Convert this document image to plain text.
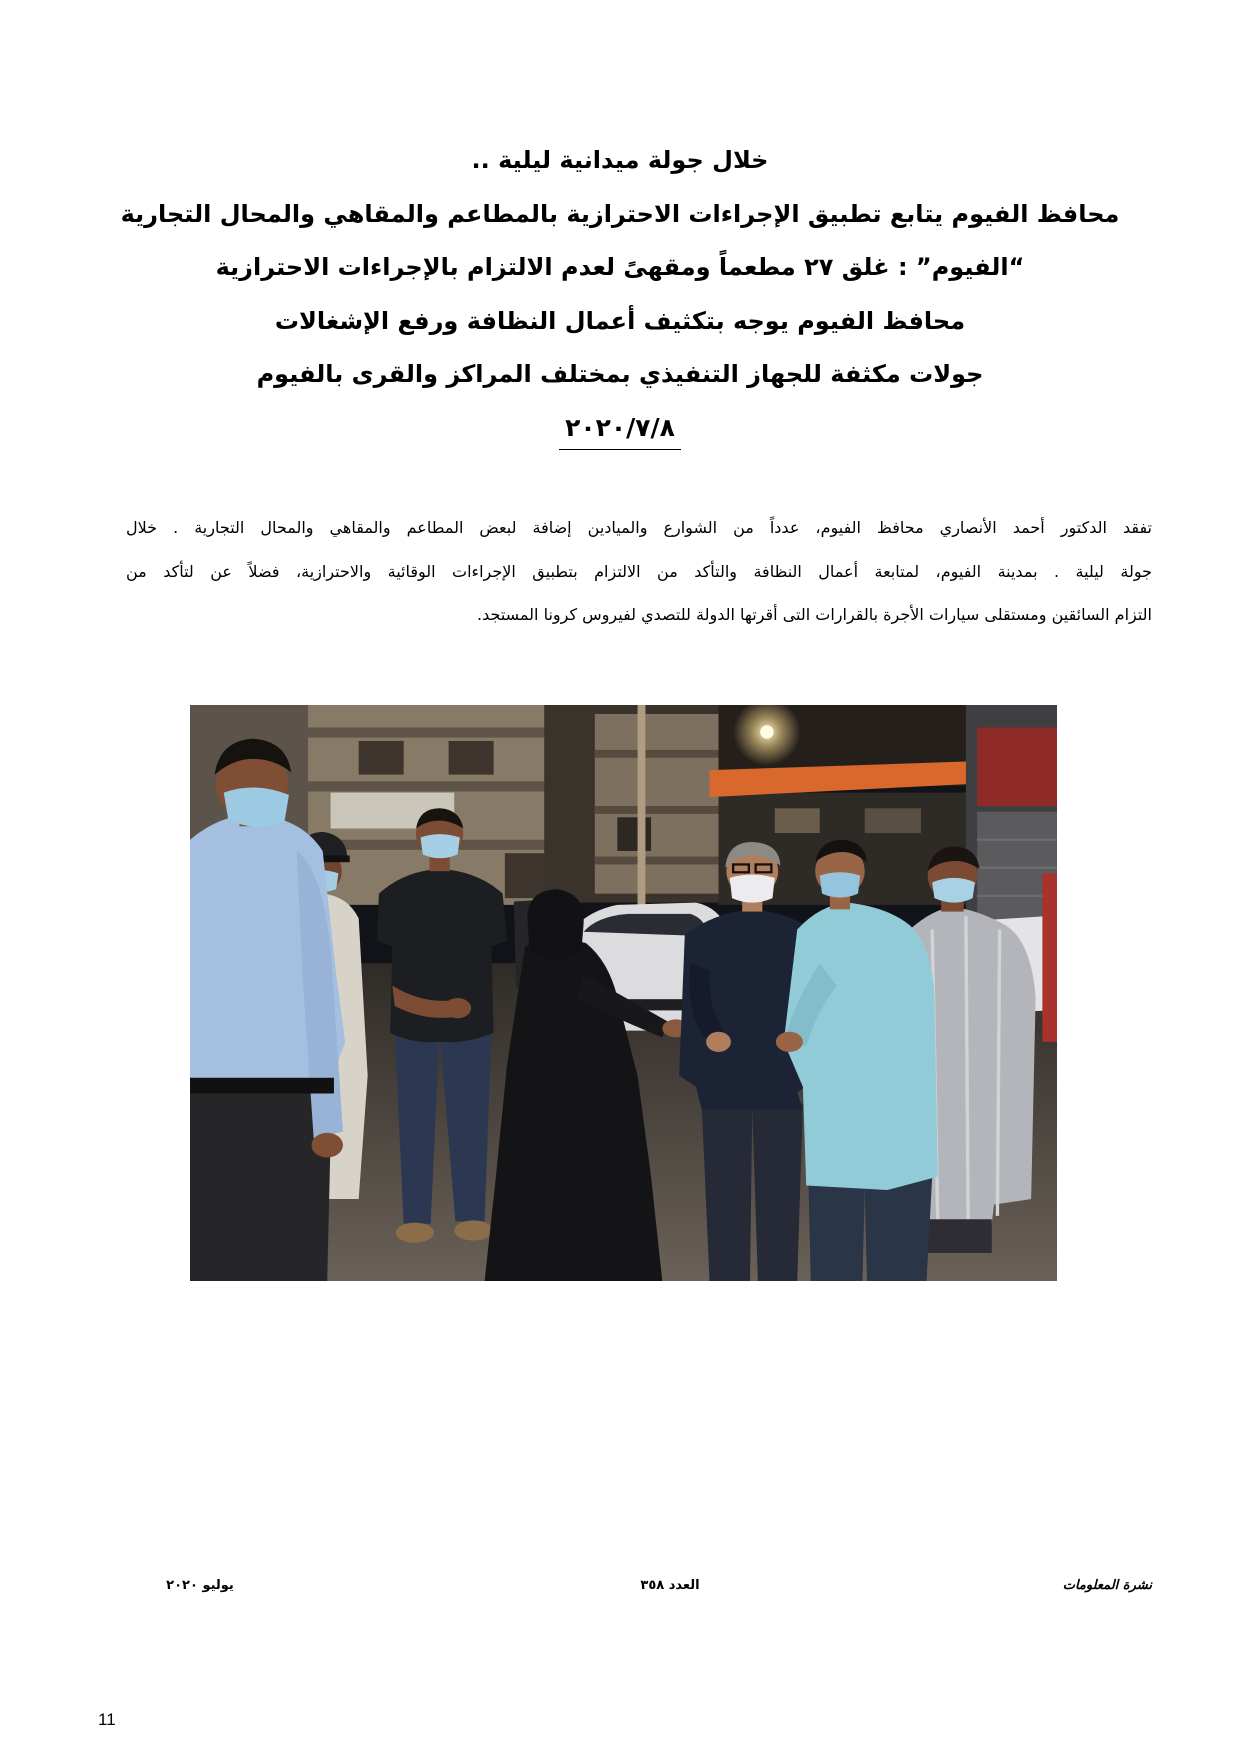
خلال جولة ميدانية ليلية ..
محافظ الفيوم يتابع تطبيق الإجراءات الاحترازية بالمطاعم والمقاهي والمحال التجارية
“الفيوم” : غلق ٢٧ مطعماً ومقهىً لعدم الالتزام بالإجراءات الاحترازية
محافظ الفيوم يوجه بتكثيف أعمال النظافة ورفع الإشغالات
جولات مكثفة للجهاز التنفيذي بمختلف المراكز والقرى بالفيوم
٢٠٢٠/٧/٨
تفقد الدكتور أحمد الأنصاري محافظ الفيوم، عدداً من الشوارع والميادين إضافة لبعض المطاعم والمقاهي والمحال التجارية . خلال
جولة ليلية . بمدينة الفيوم، لمتابعة أعمال النظافة والتأكد من الالتزام بتطبيق الإجراءات الوقائية والاحترازية، فضلاً عن لتأكد من
التزام السائقين ومستقلى سيارات الأجرة بالقرارات التى أقرتها الدولة للتصدي لفيروس كرونا المستجد.
نشرة المعلومات
العدد ٣٥٨
يوليو ٢٠٢٠
11
